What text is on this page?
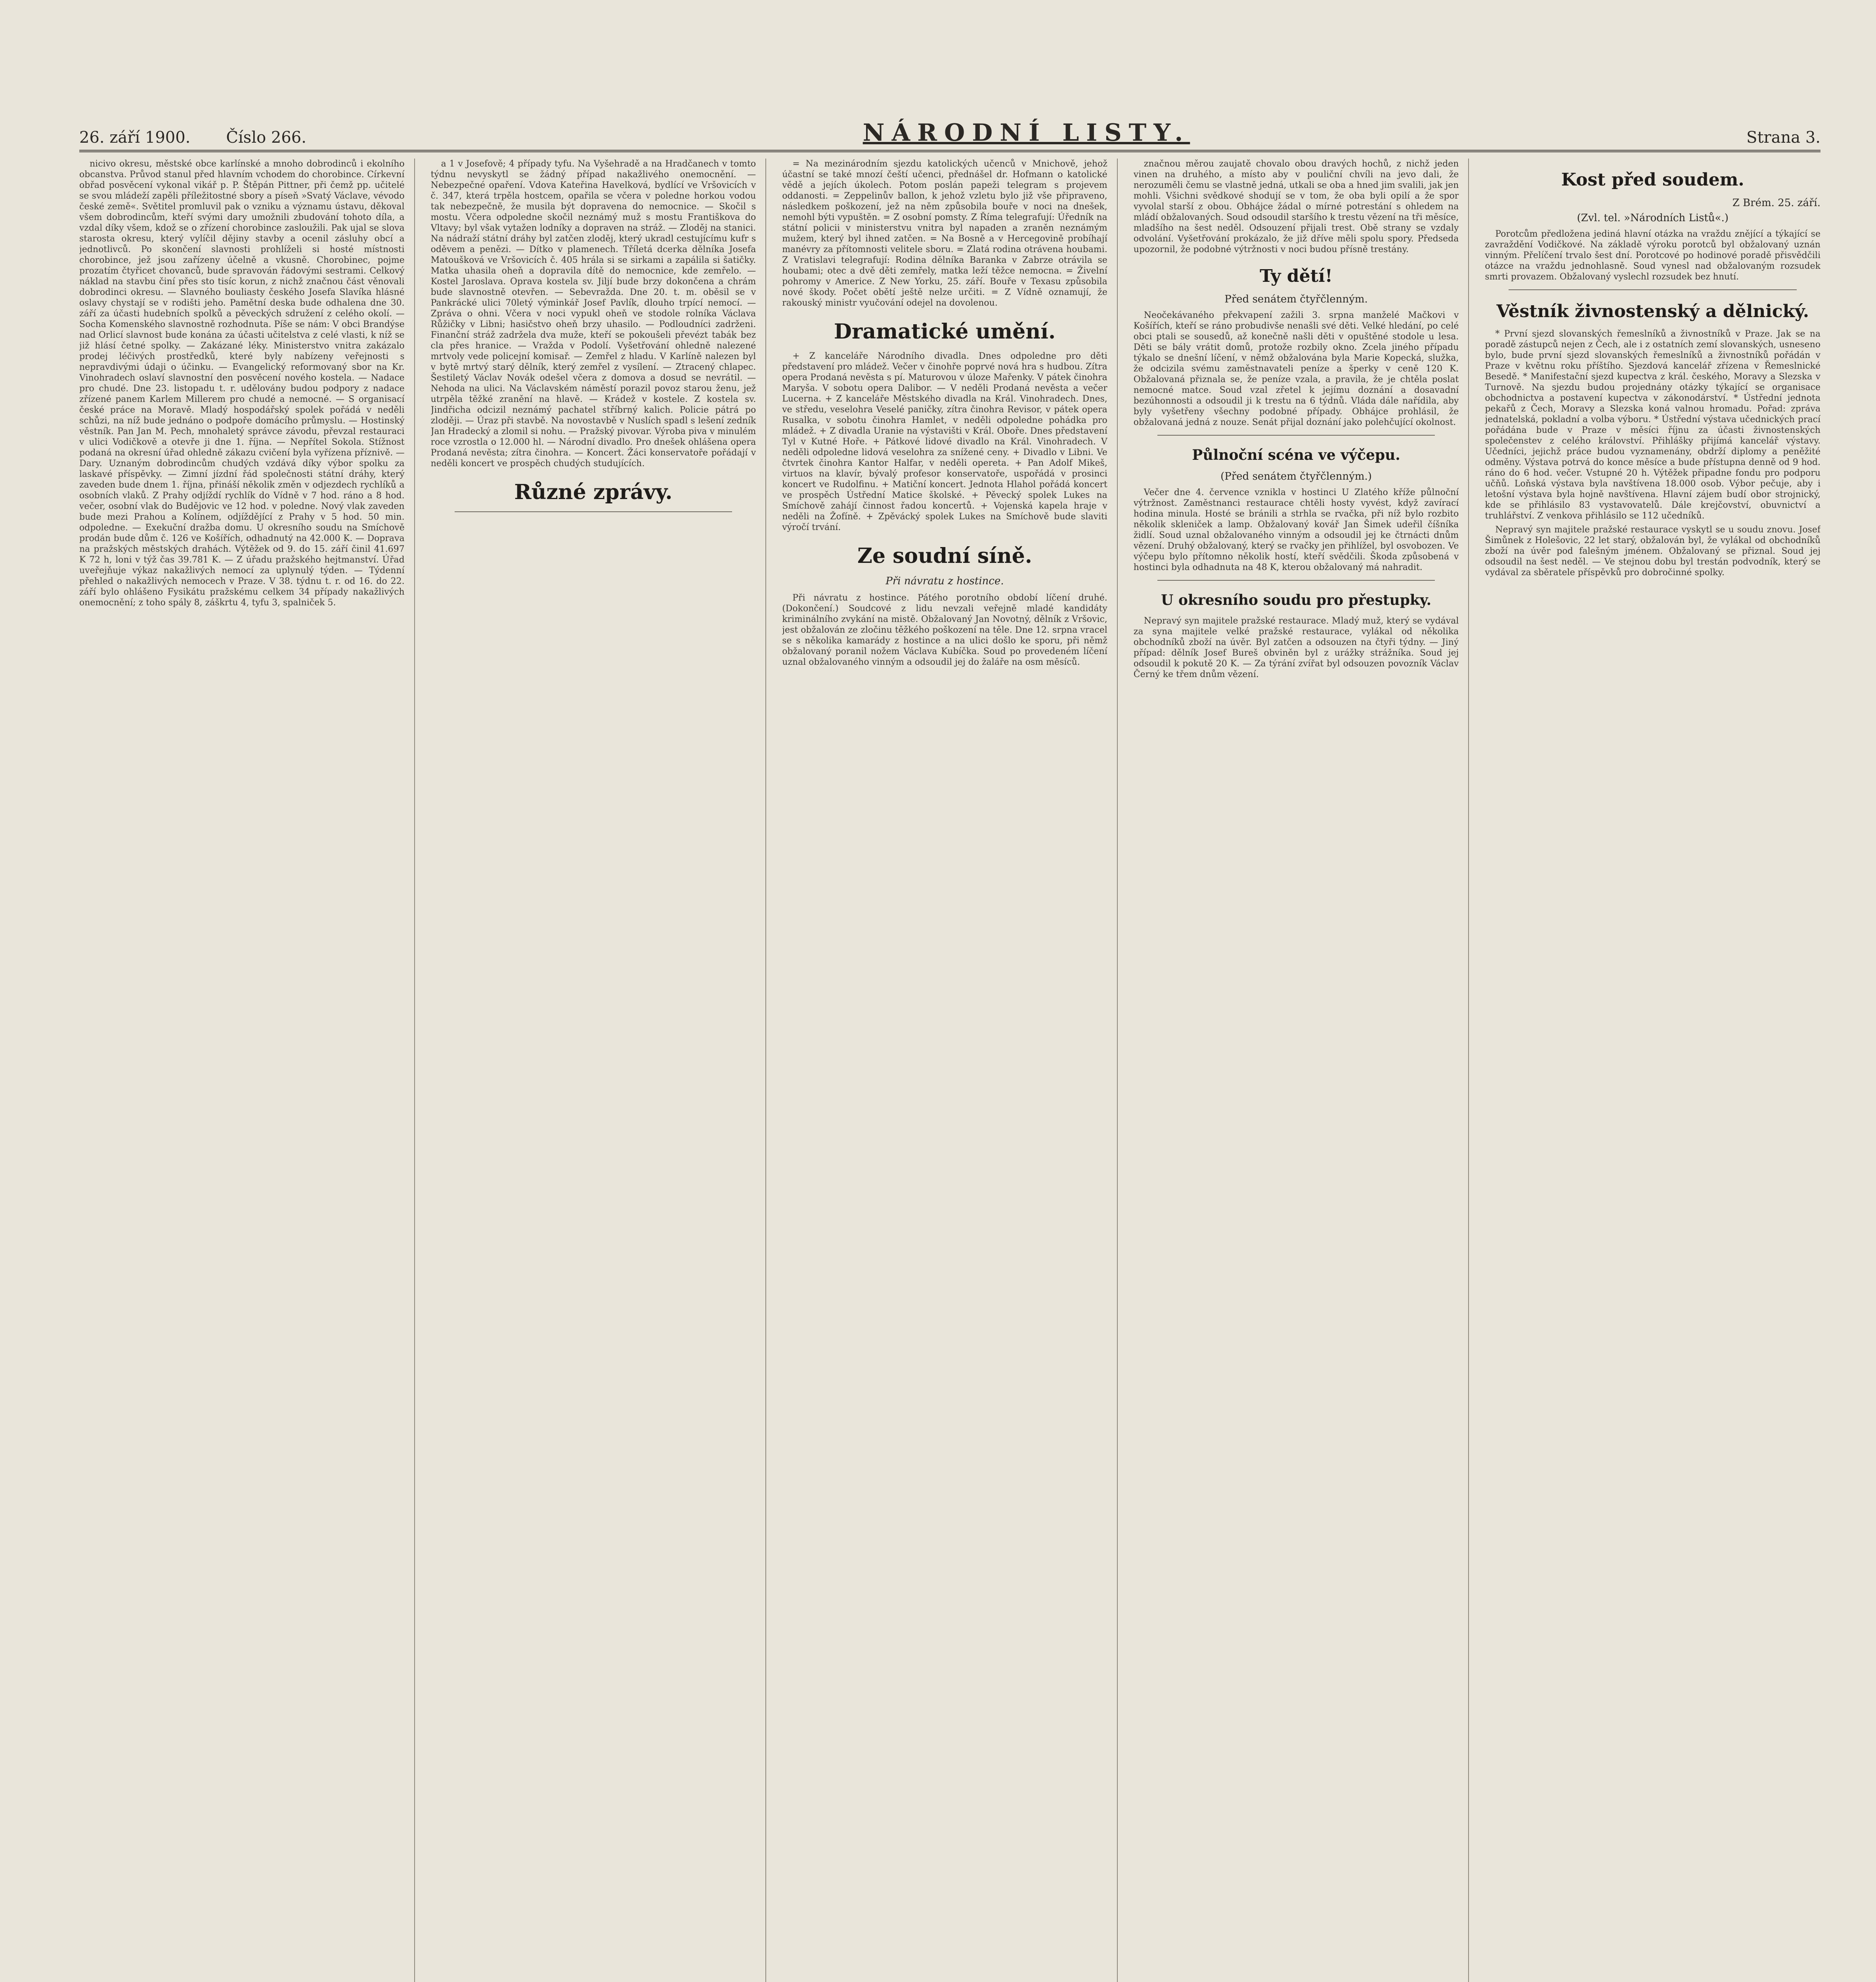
26. září 1900. Číslo 266.	NÁRODNÍ LISTY.	Strana 3.

nicivo okresu, městské obce karlínské a mnoho dobrodinců i ekolního obcanstva. Průvod stanul před hlavním vchodem do chorobince. Církevní obřad posvěcení vykonal vikář p. P. Štěpán Pittner, při čemž pp. učitelé se svou mládeží zapěli příležitostné sbory a píseň »Svatý Václave, vévodo české země«. Světitel promluvil pak o vzniku a významu ústavu, děkoval všem dobrodincům, kteří svými dary umožnili zbudování tohoto díla, a vzdal díky všem, kdož se o zřízení chorobince zasloužili. Pak ujal se slova starosta okresu, který vylíčil dějiny stavby a ocenil zásluhy obcí a jednotlivců. Po skončení slavnosti prohlíželi si hosté místnosti chorobince, jež jsou zařízeny účelně a vkusně. Chorobinec, pojme prozatím čtyřicet chovanců, bude spravován řádovými sestrami. Celkový náklad na stavbu činí přes sto tisíc korun, z nichž značnou část věnovali dobrodinci okresu. — Slavného bouliasty českého Josefa Slavíka hlásné oslavy chystají se v rodišti jeho. Pamětní deska bude odhalena dne 30. září za účasti hudebních spolků a pěveckých sdružení z celého okolí. — Socha Komenského slavnostně rozhodnuta. Píše se nám: V obci Brandýse nad Orlicí slavnost bude konána za účasti učitelstva z celé vlasti, k níž se již hlásí četné spolky. — Zakázané léky. Ministerstvo vnitra zakázalo prodej léčivých prostředků, které byly nabízeny veřejnosti s nepravdivými údaji o účinku. — Evangelický reformovaný sbor na Kr. Vinohradech oslaví slavnostní den posvěcení nového kostela. — Nadace pro chudé. Dne 23. listopadu t. r. udělovány budou podpory z nadace zřízené panem Karlem Millerem pro chudé a nemocné. — S organisací české práce na Moravě. Mladý hospodářský spolek pořádá v neděli schůzi, na níž bude jednáno o podpoře domácího průmyslu. — Hostinský věstník. Pan Jan M. Pech, mnohaletý správce závodu, převzal restauraci v ulici Vodičkově a otevře ji dne 1. října. — Nepřítel Sokola. Stížnost podaná na okresní úřad ohledně zákazu cvičení byla vyřízena příznivě. — Dary. Uznaným dobrodincům chudých vzdává díky výbor spolku za laskavé příspěvky. — Zimní jízdní řád společnosti státní dráhy, který zaveden bude dnem 1. října, přináší několik změn v odjezdech rychlíků a osobních vlaků. Z Prahy odjíždí rychlík do Vídně v 7 hod. ráno a 8 hod. večer, osobní vlak do Budějovic ve 12 hod. v poledne. Nový vlak zaveden bude mezi Prahou a Kolínem, odjíždějící z Prahy v 5 hod. 50 min. odpoledne. — Exekuční dražba domu. U okresního soudu na Smíchově prodán bude dům č. 126 ve Košířích, odhadnutý na 42.000 K. — Doprava na pražských městských drahách. Výtěžek od 9. do 15. září činil 41.697 K 72 h, loni v týž čas 39.781 K. — Z úřadu pražského hejtmanství. Úřad uveřejňuje výkaz nakažlivých nemocí za uplynulý týden. — Týdenní přehled o nakažlivých nemocech v Praze. V 38. týdnu t. r. od 16. do 22. září bylo ohlášeno Fysikátu pražskému celkem 34 případy nakažlivých onemocnění; z toho spály 8, záškrtu 4, tyfu 3, spalniček 5.

a 1 v Josefově; 4 případy tyfu. Na Vyšehradě a na Hradčanech v tomto týdnu nevyskytl se žádný případ nakažlivého onemocnění. — Nebezpečné opaření. Vdova Kateřina Havelková, bydlící ve Vršovicích v č. 347, která trpěla hostcem, opařila se včera v poledne horkou vodou tak nebezpečně, že musila být dopravena do nemocnice. — Skočil s mostu. Včera odpoledne skočil neznámý muž s mostu Františkova do Vltavy; byl však vytažen lodníky a dopraven na stráž. — Zloděj na stanici. Na nádraží státní dráhy byl zatčen zloděj, který ukradl cestujícímu kufr s oděvem a penězi. — Dítko v plamenech. Tříletá dcerka dělníka Josefa Matoušková ve Vršovicích č. 405 hrála si se sirkami a zapálila si šatičky. Matka uhasila oheň a dopravila dítě do nemocnice, kde zemřelo. — Kostel Jaroslava. Oprava kostela sv. Jiljí bude brzy dokončena a chrám bude slavnostně otevřen. — Sebevražda. Dne 20. t. m. oběsil se v Pankrácké ulici 70letý výminkář Josef Pavlík, dlouho trpící nemocí. — Zpráva o ohni. Včera v noci vypukl oheň ve stodole rolníka Václava Růžičky v Libni; hasičstvo oheň brzy uhasilo. — Podloudníci zadrženi. Finanční stráž zadržela dva muže, kteří se pokoušeli převézt tabák bez cla přes hranice. — Vražda v Podolí. Vyšetřování ohledně nalezené mrtvoly vede policejní komisař. — Zemřel z hladu. V Karlíně nalezen byl v bytě mrtvý starý dělník, který zemřel z vysílení. — Ztracený chlapec. Šestiletý Václav Novák odešel včera z domova a dosud se nevrátil. — Nehoda na ulici. Na Václavském náměstí porazil povoz starou ženu, jež utrpěla těžké zranění na hlavě. — Krádež v kostele. Z kostela sv. Jindřicha odcizil neznámý pachatel stříbrný kalich. Policie pátrá po zloději. — Úraz při stavbě. Na novostavbě v Nuslích spadl s lešení zedník Jan Hradecký a zlomil si nohu. — Pražský pivovar. Výroba piva v minulém roce vzrostla o 12.000 hl. — Národní divadlo. Pro dnešek ohlášena opera Prodaná nevěsta; zítra činohra. — Koncert. Žáci konservatoře pořádají v neděli koncert ve prospěch chudých studujících.

Různé zprávy.

= Na mezinárodním sjezdu katolických učenců v Mnichově, jehož účastní se také mnozí čeští učenci, přednášel dr. Hofmann o katolické vědě a jejích úkolech. Potom poslán papeži telegram s projevem oddanosti. = Zeppelinův ballon, k jehož vzletu bylo již vše připraveno, následkem poškození, jež na něm způsobila bouře v noci na dnešek, nemohl býti vypuštěn. = Z osobní pomsty. Z Říma telegrafují: Úředník na státní policii v ministerstvu vnitra byl napaden a zraněn neznámým mužem, který byl ihned zatčen. = Na Bosně a v Hercegovině probíhají manévry za přítomnosti velitele sboru. = Zlatá rodina otrávena houbami. Z Vratislavi telegrafují: Rodina dělníka Baranka v Zabrze otrávila se houbami; otec a dvě děti zemřely, matka leží těžce nemocna. = Živelní pohromy v Americe. Z New Yorku, 25. září. Bouře v Texasu způsobila nové škody. Počet obětí ještě nelze určiti. = Z Vídně oznamují, že rakouský ministr vyučování odejel na dovolenou.

Dramatické umění.

+ Z kanceláře Národního divadla. Dnes odpoledne pro děti představení pro mládež. Večer v činohře poprvé nová hra s hudbou. Zítra opera Prodaná nevěsta s pí. Maturovou v úloze Mařenky. V pátek činohra Maryša. V sobotu opera Dalibor. — V neděli Prodaná nevěsta a večer Lucerna. + Z kanceláře Městského divadla na Král. Vinohradech. Dnes, ve středu, veselohra Veselé paničky, zítra činohra Revisor, v pátek opera Rusalka, v sobotu činohra Hamlet, v neděli odpoledne pohádka pro mládež. + Z divadla Uranie na výstavišti v Král. Oboře. Dnes představení Tyl v Kutné Hoře. + Pátkové lidové divadlo na Král. Vinohradech. V neděli odpoledne lidová veselohra za snížené ceny. + Divadlo v Libni. Ve čtvrtek činohra Kantor Halfar, v neděli opereta. + Pan Adolf Mikeš, virtuos na klavír, bývalý profesor konservatoře, uspořádá v prosinci koncert ve Rudolfinu. + Matiční koncert. Jednota Hlahol pořádá koncert ve prospěch Ústřední Matice školské. + Pěvecký spolek Lukes na Smíchově zahájí činnost řadou koncertů. + Vojenská kapela hraje v neděli na Žofíně. + Zpěvácký spolek Lukes na Smíchově bude slaviti výročí trvání.

Ze soudní síně.
Při návratu z hostince.

Při návratu z hostince. Pátého porotního období líčení druhé. (Dokončení.) Soudcové z lidu nevzali veřejně mladé kandidáty kriminálního zvykání na mistě. Obžalovaný Jan Novotný, dělník z Vršovic, jest obžalován ze zločinu těžkého poškození na těle. Dne 12. srpna vracel se s několika kamarády z hostince a na ulici došlo ke sporu, při němž obžalovaný poranil nožem Václava Kubíčka. Soud po provedeném líčení uznal obžalovaného vinným a odsoudil jej do žaláře na osm měsíců.

značnou měrou zaujatě chovalo obou dravých hochů, z nichž jeden vinen na druhého, a místo aby v pouliční chvíli na jevo dali, že nerozuměli čemu se vlastně jedná, utkali se oba a hned jim svalili, jak jen mohli. Všichni svědkové shodují se v tom, že oba byli opilí a že spor vyvolal starší z obou. Obhájce žádal o mírné potrestání s ohledem na mládí obžalovaných. Soud odsoudil staršího k trestu vězení na tři měsíce, mladšího na šest neděl. Odsouzení přijali trest. Obě strany se vzdaly odvolání. Vyšetřování prokázalo, že již dříve měli spolu spory. Předseda upozornil, že podobné výtržnosti v noci budou přísně trestány.

Ty dětí!
Před senátem čtyřčlenným.

Neočekávaného překvapení zažili 3. srpna manželé Mačkovi v Košířích, kteří se ráno probudivše nenašli své děti. Velké hledání, po celé obci ptali se sousedů, až konečně našli děti v opuštěné stodole u lesa. Děti se bály vrátit domů, protože rozbily okno. Zcela jiného případu týkalo se dnešní líčení, v němž obžalována byla Marie Kopecká, služka, že odcizila svému zaměstnavateli peníze a šperky v ceně 120 K. Obžalovaná přiznala se, že peníze vzala, a pravila, že je chtěla poslat nemocné matce. Soud vzal zřetel k jejímu doznání a dosavadní bezúhonnosti a odsoudil ji k trestu na 6 týdnů. Vláda dále nařídila, aby byly vyšetřeny všechny podobné případy. Obhájce prohlásil, že obžalovaná jedná z nouze. Senát přijal doznání jako polehčující okolnost.

Půlnoční scéna ve výčepu.
(Před senátem čtyřčlenným.)

Večer dne 4. července vznikla v hostinci U Zlatého kříže půlnoční výtržnost. Zaměstnanci restaurace chtěli hosty vyvést, když zavírací hodina minula. Hosté se bránili a strhla se rvačka, při níž bylo rozbito několik skleniček a lamp. Obžalovaný kovář Jan Šimek udeřil číšníka židlí. Soud uznal obžalovaného vinným a odsoudil jej ke čtrnácti dnům vězení. Druhý obžalovaný, který se rvačky jen přihlížel, byl osvobozen. Ve výčepu bylo přítomno několik hostí, kteří svědčili. Škoda způsobená v hostinci byla odhadnuta na 48 K, kterou obžalovaný má nahradit.

U okresního soudu pro přestupky.

Nepravý syn majitele pražské restaurace. Mladý muž, který se vydával za syna majitele velké pražské restaurace, vylákal od několika obchodníků zboží na úvěr. Byl zatčen a odsouzen na čtyři týdny. — Jiný případ: dělník Josef Bureš obviněn byl z urážky strážníka. Soud jej odsoudil k pokutě 20 K. — Za týrání zvířat byl odsouzen povozník Václav Černý ke třem dnům vězení.

Kost před soudem.
Z Brém. 25. září.
(Zvl. tel. »Národních Listů«.)

Porotcům předložena jediná hlavní otázka na vraždu znějící a týkající se zavraždění Vodičkové. Na základě výroku porotců byl obžalovaný uznán vinným. Přelíčení trvalo šest dní. Porotcové po hodinové poradě přisvědčili otázce na vraždu jednohlasně. Soud vynesl nad obžalovaným rozsudek smrti provazem. Obžalovaný vyslechl rozsudek bez hnutí.

Věstník živnostenský a dělnický.

* První sjezd slovanských řemeslníků a živnostníků v Praze. Jak se na poradě zástupců nejen z Čech, ale i z ostatních zemí slovanských, usneseno bylo, bude první sjezd slovanských řemeslníků a živnostníků pořádán v Praze v květnu roku příštího. Sjezdová kancelář zřízena v Řemeslnické Besedě. * Manifestační sjezd kupectva z král. českého, Moravy a Slezska v Turnově. Na sjezdu budou projednány otázky týkající se organisace obchodnictva a postavení kupectva v zákonodárství. * Ústřední jednota pekařů z Čech, Moravy a Slezska koná valnou hromadu. Pořad: zpráva jednatelská, pokladní a volba výboru. * Ústřední výstava učednických prací pořádána bude v Praze v měsíci říjnu za účasti živnostenských společenstev z celého království. Přihlášky přijímá kancelář výstavy. Učedníci, jejichž práce budou vyznamenány, obdrží diplomy a peněžité odměny. Výstava potrvá do konce měsíce a bude přístupna denně od 9 hod. ráno do 6 hod. večer. Vstupné 20 h. Výtěžek připadne fondu pro podporu učňů. Loňská výstava byla navštívena 18.000 osob. Výbor pečuje, aby i letošní výstava byla hojně navštívena. Hlavní zájem budí obor strojnický, kde se přihlásilo 83 vystavovatelů. Dále krejčovství, obuvnictví a truhlářství. Z venkova přihlásilo se 112 učedníků.

Nepravý syn majitele pražské restaurace vyskytl se u soudu znovu. Josef Šimůnek z Holešovic, 22 let starý, obžalován byl, že vylákal od obchodníků zboží na úvěr pod falešným jménem. Obžalovaný se přiznal. Soud jej odsoudil na šest neděl. — Ve stejnou dobu byl trestán podvodník, který se vydával za sběratele příspěvků pro dobročinné spolky.
